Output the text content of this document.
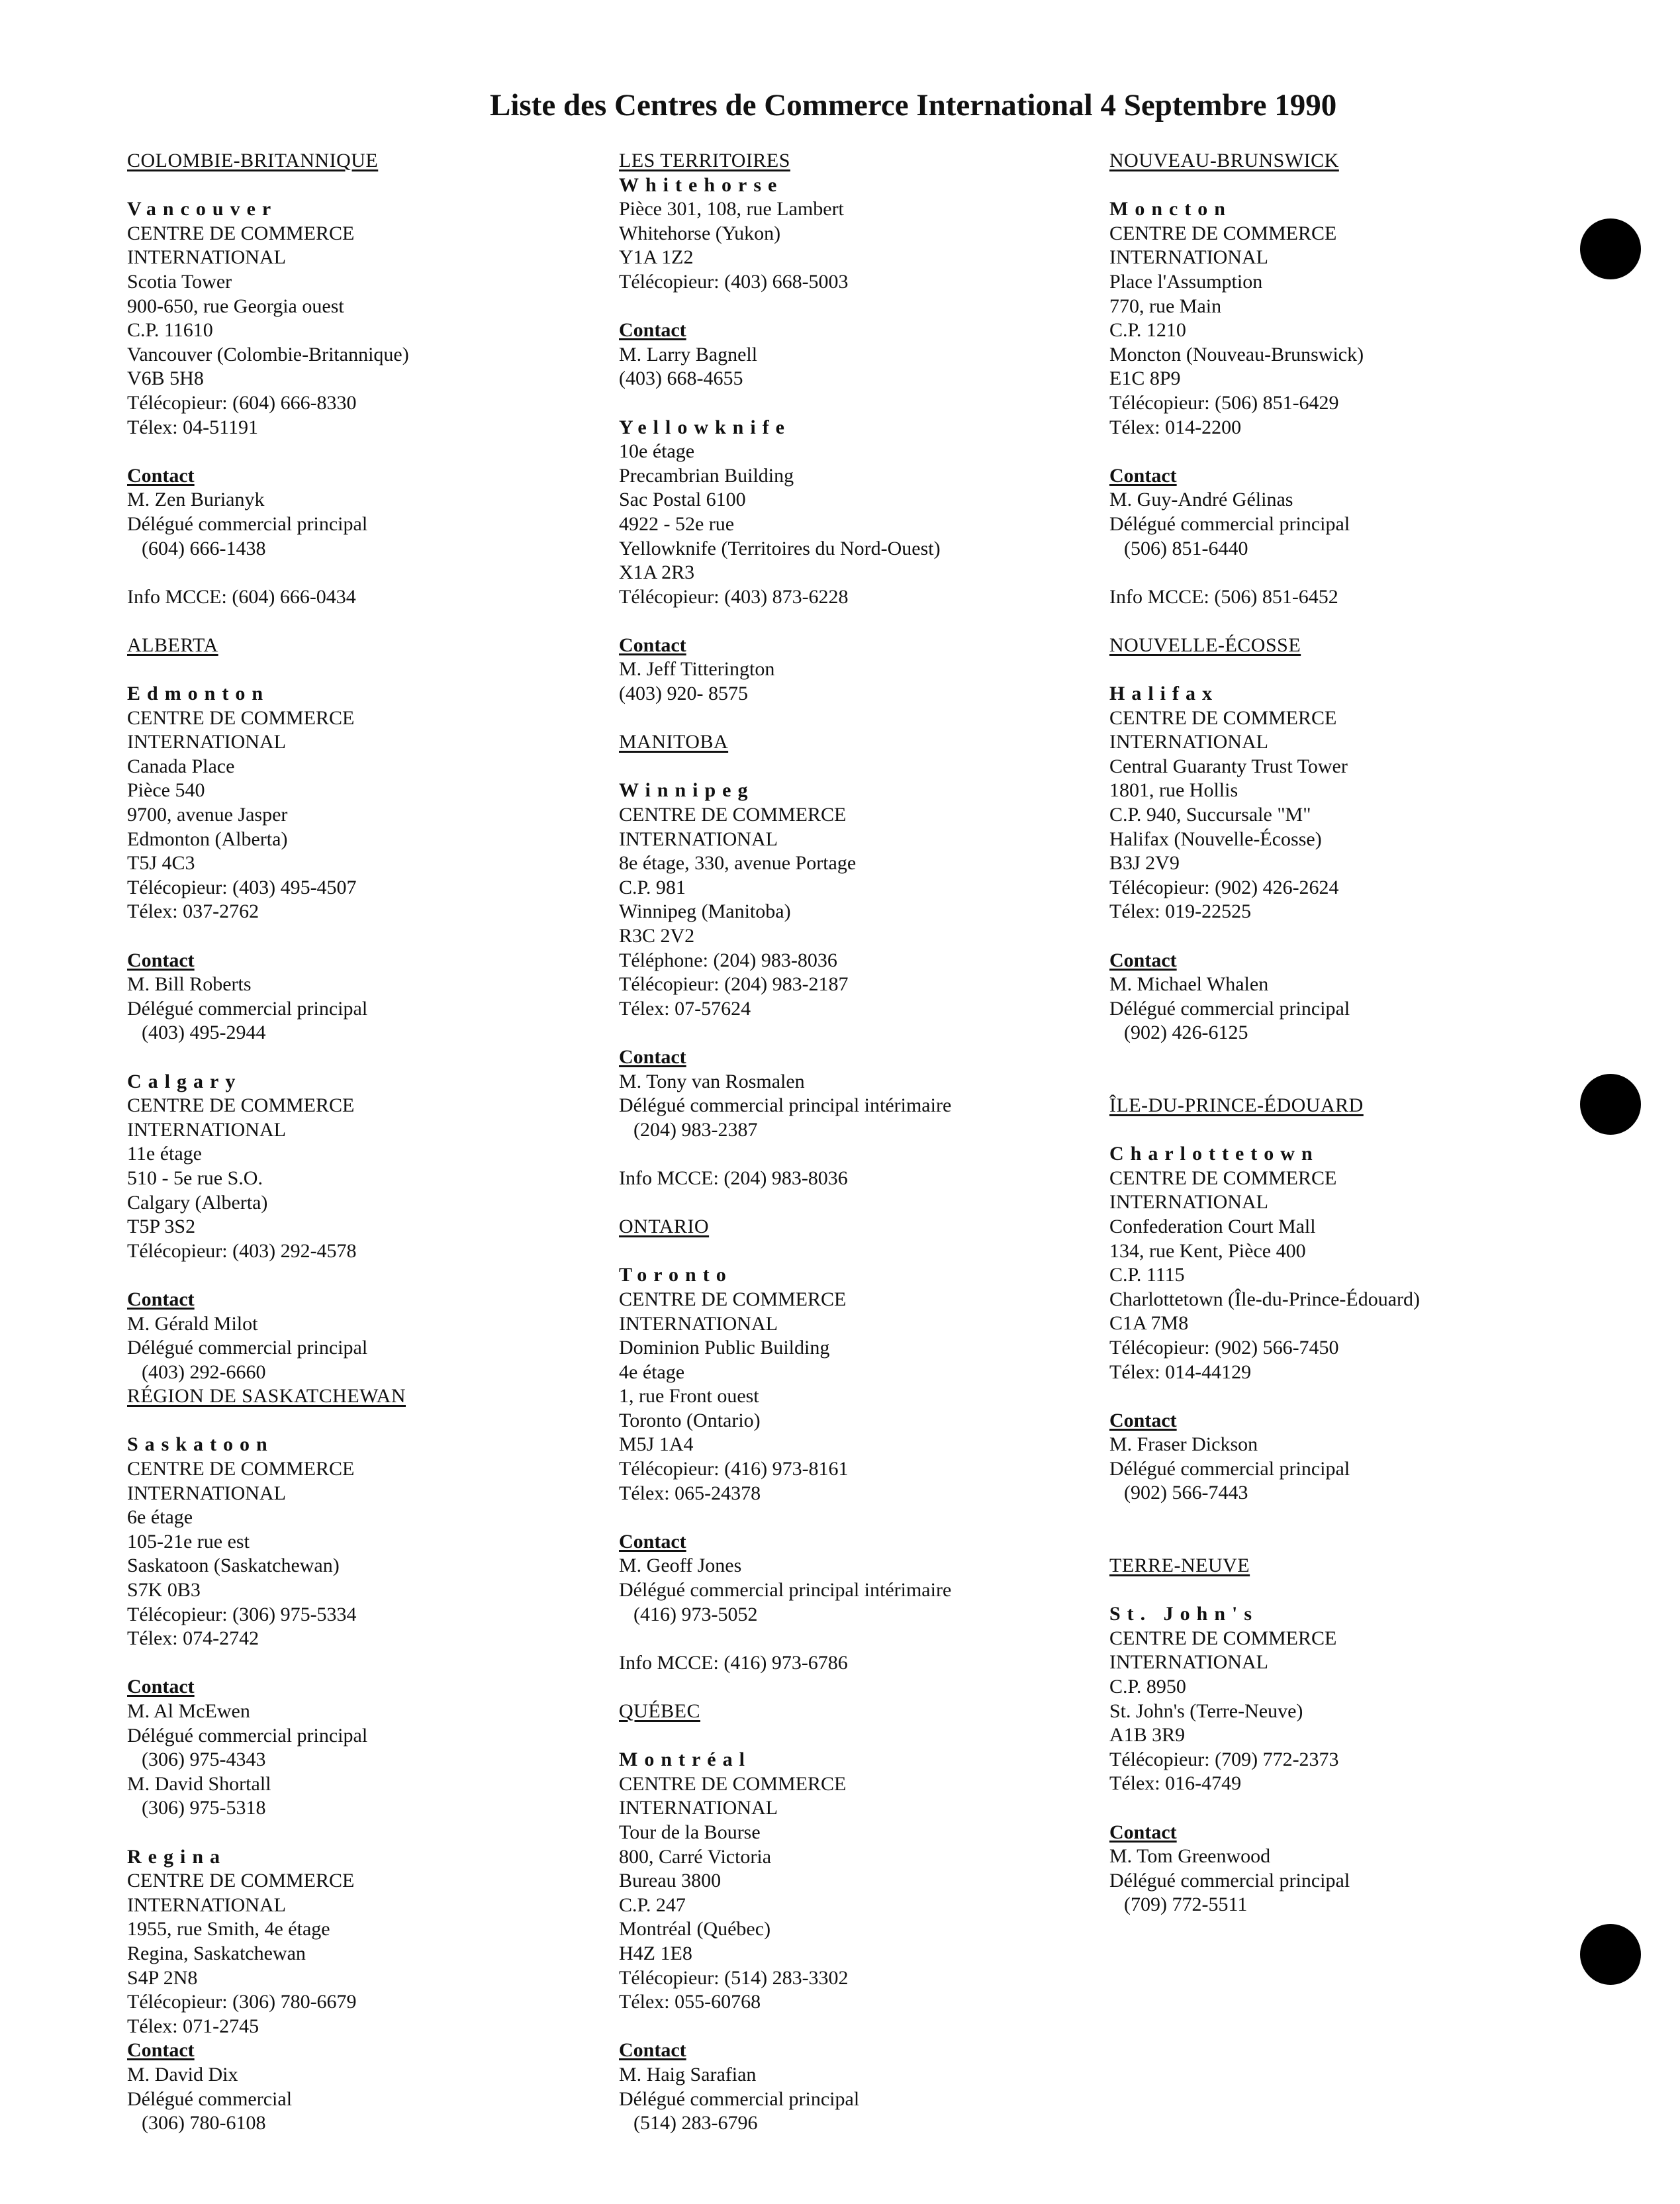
Liste des Centres de Commerce International 4 Septembre 1990
COLOMBIE-BRITANNIQUE
Vancouver
CENTRE DE COMMERCE
INTERNATIONAL
Scotia Tower
900-650, rue Georgia ouest
C.P. 11610
Vancouver (Colombie-Britannique)
V6B 5H8
Télécopieur: (604) 666-8330
Télex: 04-51191
Contact
M. Zen Burianyk
Délégué commercial principal
(604) 666-1438
Info MCCE: (604) 666-0434
ALBERTA
Edmonton
CENTRE DE COMMERCE
INTERNATIONAL
Canada Place
Pièce 540
9700, avenue Jasper
Edmonton (Alberta)
T5J 4C3
Télécopieur: (403) 495-4507
Télex: 037-2762
Contact
M. Bill Roberts
Délégué commercial principal
(403) 495-2944
Calgary
CENTRE DE COMMERCE
INTERNATIONAL
11e étage
510 - 5e rue S.O.
Calgary (Alberta)
T5P 3S2
Télécopieur: (403) 292-4578
Contact
M. Gérald Milot
Délégué commercial principal
(403) 292-6660
RÉGION DE SASKATCHEWAN
Saskatoon
CENTRE DE COMMERCE
INTERNATIONAL
6e étage
105-21e rue est
Saskatoon (Saskatchewan)
S7K 0B3
Télécopieur: (306) 975-5334
Télex: 074-2742
Contact
M. Al McEwen
Délégué commercial principal
(306) 975-4343
M. David Shortall
(306) 975-5318
Regina
CENTRE DE COMMERCE
INTERNATIONAL
1955, rue Smith, 4e étage
Regina, Saskatchewan
S4P 2N8
Télécopieur: (306) 780-6679
Télex: 071-2745
Contact
M. David Dix
Délégué commercial
(306) 780-6108
LES TERRITOIRES
Whitehorse
Pièce 301, 108, rue Lambert
Whitehorse (Yukon)
Y1A 1Z2
Télécopieur: (403) 668-5003
Contact
M. Larry Bagnell
(403) 668-4655
Yellowknife
10e étage
Precambrian Building
Sac Postal 6100
4922 - 52e rue
Yellowknife (Territoires du Nord-Ouest)
X1A 2R3
Télécopieur: (403) 873-6228
Contact
M. Jeff Titterington
(403) 920- 8575
MANITOBA
Winnipeg
CENTRE DE COMMERCE
INTERNATIONAL
8e étage, 330, avenue Portage
C.P. 981
Winnipeg (Manitoba)
R3C 2V2
Téléphone: (204) 983-8036
Télécopieur: (204) 983-2187
Télex: 07-57624
Contact
M. Tony van Rosmalen
Délégué commercial principal intérimaire
(204) 983-2387
Info MCCE: (204) 983-8036
ONTARIO
Toronto
CENTRE DE COMMERCE
INTERNATIONAL
Dominion Public Building
4e étage
1, rue Front ouest
Toronto (Ontario)
M5J 1A4
Télécopieur: (416) 973-8161
Télex: 065-24378
Contact
M. Geoff Jones
Délégué commercial principal intérimaire
(416) 973-5052
Info MCCE: (416) 973-6786
QUÉBEC
Montréal
CENTRE DE COMMERCE
INTERNATIONAL
Tour de la Bourse
800, Carré Victoria
Bureau 3800
C.P. 247
Montréal (Québec)
H4Z 1E8
Télécopieur: (514) 283-3302
Télex: 055-60768
Contact
M. Haig Sarafian
Délégué commercial principal
(514) 283-6796
NOUVEAU-BRUNSWICK
Moncton
CENTRE DE COMMERCE
INTERNATIONAL
Place l'Assumption
770, rue Main
C.P. 1210
Moncton (Nouveau-Brunswick)
E1C 8P9
Télécopieur: (506) 851-6429
Télex: 014-2200
Contact
M. Guy-André Gélinas
Délégué commercial principal
(506) 851-6440
Info MCCE: (506) 851-6452
NOUVELLE-ÉCOSSE
Halifax
CENTRE DE COMMERCE
INTERNATIONAL
Central Guaranty Trust Tower
1801, rue Hollis
C.P. 940, Succursale "M"
Halifax (Nouvelle-Écosse)
B3J 2V9
Télécopieur: (902) 426-2624
Télex: 019-22525
Contact
M. Michael Whalen
Délégué commercial principal
(902) 426-6125
ÎLE-DU-PRINCE-ÉDOUARD
Charlottetown
CENTRE DE COMMERCE
INTERNATIONAL
Confederation Court Mall
134, rue Kent, Pièce 400
C.P. 1115
Charlottetown (Île-du-Prince-Édouard)
C1A 7M8
Télécopieur: (902) 566-7450
Télex: 014-44129
Contact
M. Fraser Dickson
Délégué commercial principal
(902) 566-7443
TERRE-NEUVE
St. John's
CENTRE DE COMMERCE
INTERNATIONAL
C.P. 8950
St. John's (Terre-Neuve)
A1B 3R9
Télécopieur: (709) 772-2373
Télex: 016-4749
Contact
M. Tom Greenwood
Délégué commercial principal
(709) 772-5511
